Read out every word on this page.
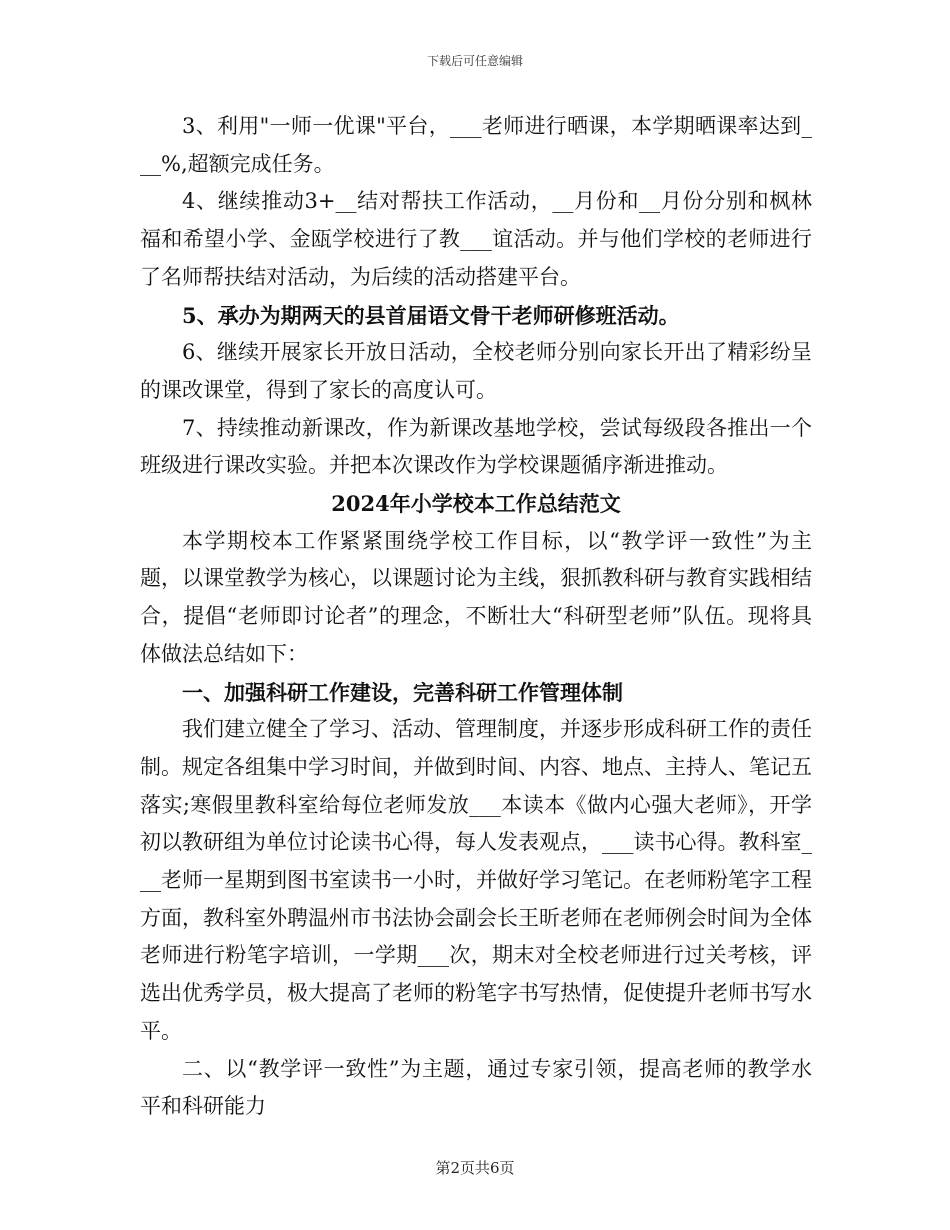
下载后可任意编辑

3、利用"一师一优课"平台，___老师进行晒课，本学期晒课率达到___%,超额完成任务。

4、继续推动3+__结对帮扶工作活动，__月份和__月份分别和枫林福和希望小学、金瓯学校进行了教___谊活动。并与他们学校的老师进行了名师帮扶结对活动，为后续的活动搭建平台。

5、承办为期两天的县首届语文骨干老师研修班活动。

6、继续开展家长开放日活动，全校老师分别向家长开出了精彩纷呈的课改课堂，得到了家长的高度认可。

7、持续推动新课改，作为新课改基地学校，尝试每级段各推出一个班级进行课改实验。并把本次课改作为学校课题循序渐进推动。

2024年小学校本工作总结范文

本学期校本工作紧紧围绕学校工作目标，以“教学评一致性”为主题，以课堂教学为核心，以课题讨论为主线，狠抓教科研与教育实践相结合，提倡“老师即讨论者”的理念，不断壮大“科研型老师”队伍。现将具体做法总结如下：

一、加强科研工作建设，完善科研工作管理体制

我们建立健全了学习、活动、管理制度，并逐步形成科研工作的责任制。规定各组集中学习时间，并做到时间、内容、地点、主持人、笔记五落实;寒假里教科室给每位老师发放___本读本《做内心强大老师》，开学初以教研组为单位讨论读书心得，每人发表观点，___读书心得。教科室___老师一星期到图书室读书一小时，并做好学习笔记。在老师粉笔字工程方面，教科室外聘温州市书法协会副会长王昕老师在老师例会时间为全体老师进行粉笔字培训，一学期___次，期末对全校老师进行过关考核，评选出优秀学员，极大提高了老师的粉笔字书写热情，促使提升老师书写水平。

二、以“教学评一致性”为主题，通过专家引领，提高老师的教学水平和科研能力

第2页共6页
